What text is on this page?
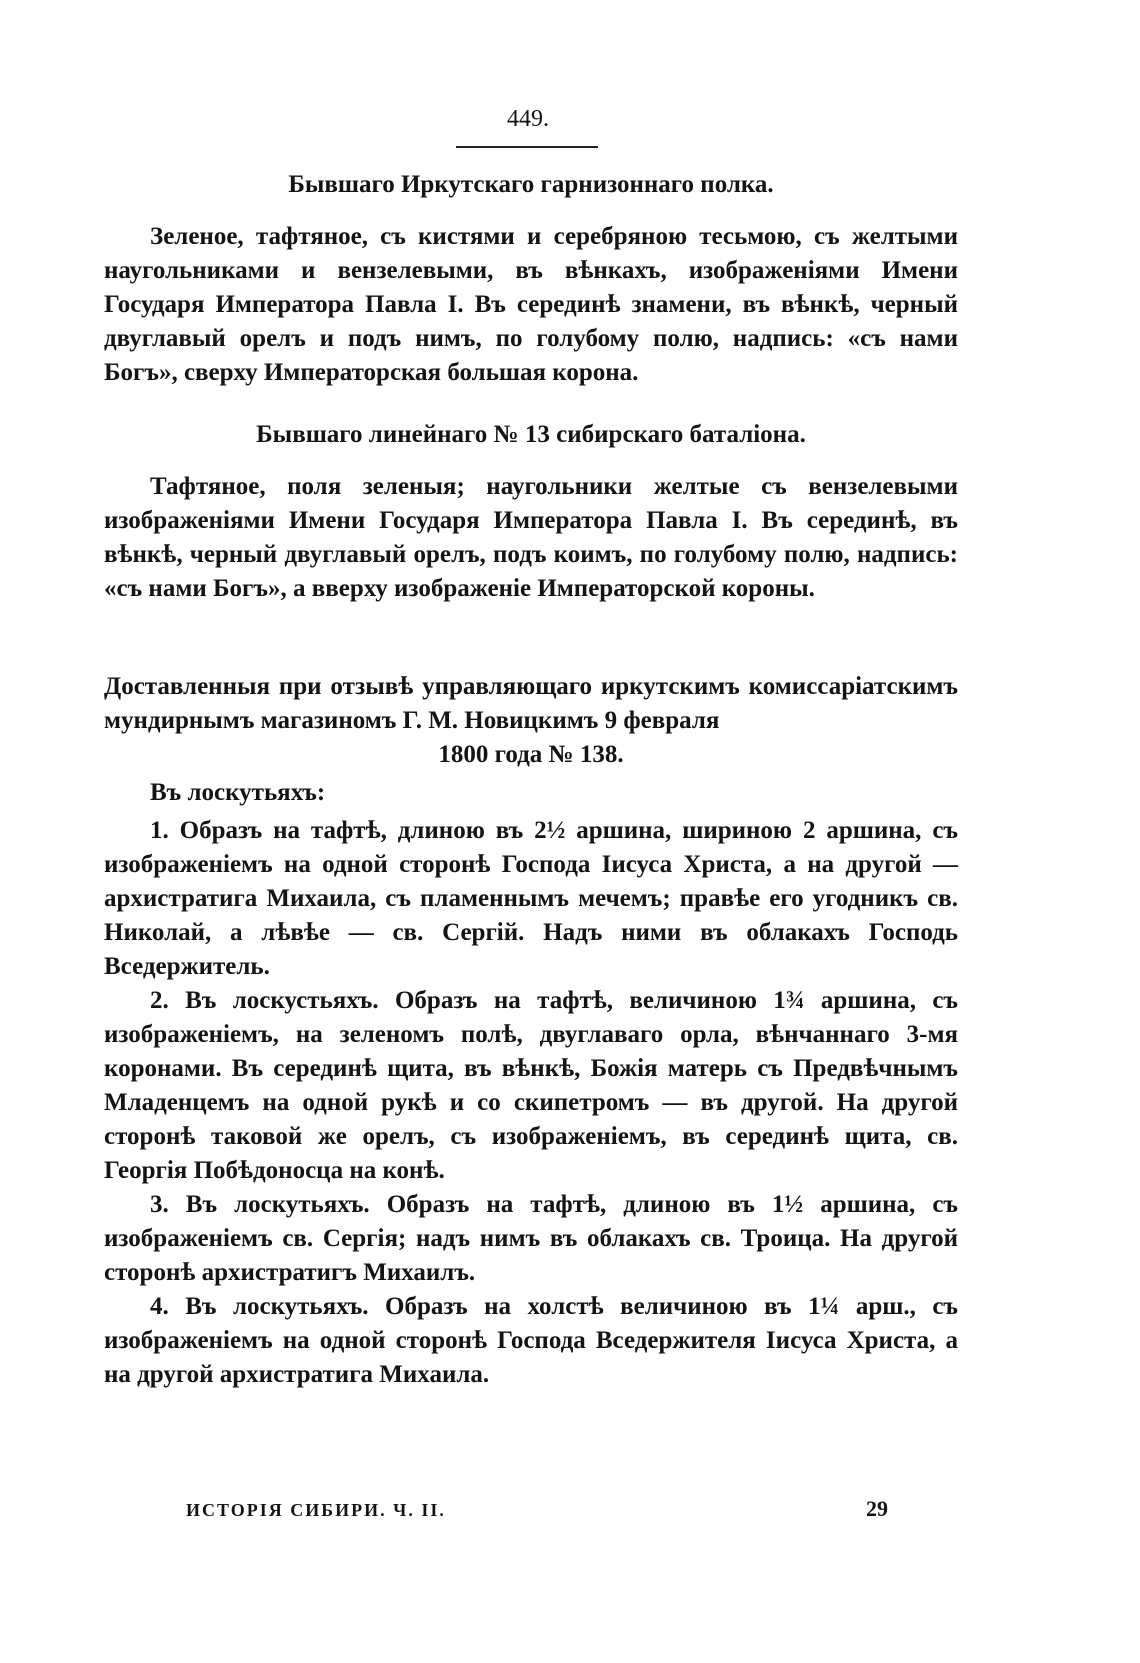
449.
Бывшаго Иркутскаго гарнизоннаго полка.
Зеленое, тафтяное, съ кистями и серебряною тесьмою, съ желтыми наугольниками и вензелевыми, въ вѣнкахъ, изображеніями Имени Государя Императора Павла I. Въ серединѣ знамени, въ вѣнкѣ, черный двуглавый орелъ и подъ нимъ, по голубому полю, надпись: «съ нами Богъ», сверху Императорская большая корона.
Бывшаго линейнаго № 13 сибирскаго баталіона.
Тафтяное, поля зеленыя; наугольники желтые съ вензелевыми изображеніями Имени Государя Императора Павла I. Въ серединѣ, въ вѣнкѣ, черный двуглавый орелъ, подъ коимъ, по голубому полю, надпись: «съ нами Богъ», а вверху изображеніе Императорской короны.
Доставленныя при отзывѣ управляющаго иркутскимъ комиссаріатскимъ мундирнымъ магазиномъ Г. М. Новицкимъ 9 февраля
1800 года № 138.
Въ лоскутьяхъ:
1. Образъ на тафтѣ, длиною въ 2½ аршина, шириною 2 аршина, съ изображеніемъ на одной сторонѣ Господа Іисуса Христа, а на другой — архистратига Михаила, съ пламеннымъ мечемъ; правѣе его угодникъ св. Николай, а лѣвѣе — св. Сергій. Надъ ними въ облакахъ Господь Вседержитель.
2. Въ лоскустьяхъ. Образъ на тафтѣ, величиною 1¾ аршина, съ изображеніемъ, на зеленомъ полѣ, двуглаваго орла, вѣнчаннаго 3-мя коронами. Въ серединѣ щита, въ вѣнкѣ, Божія матерь съ Предвѣчнымъ Младенцемъ на одной рукѣ и со скипетромъ — въ другой. На другой сторонѣ таковой же орелъ, съ изображеніемъ, въ серединѣ щита, св. Георгія Побѣдоносца на конѣ.
3. Въ лоскутьяхъ. Образъ на тафтѣ, длиною въ 1½ аршина, съ изображеніемъ св. Сергія; надъ нимъ въ облакахъ св. Троица. На другой сторонѣ архистратигъ Михаилъ.
4. Въ лоскутьяхъ. Образъ на холстѣ величиною въ 1¼ арш., съ изображеніемъ на одной сторонѣ Господа Вседержителя Іисуса Христа, а на другой архистратига Михаила.
ИСТОРІЯ СИБИРИ. Ч. II.	29
